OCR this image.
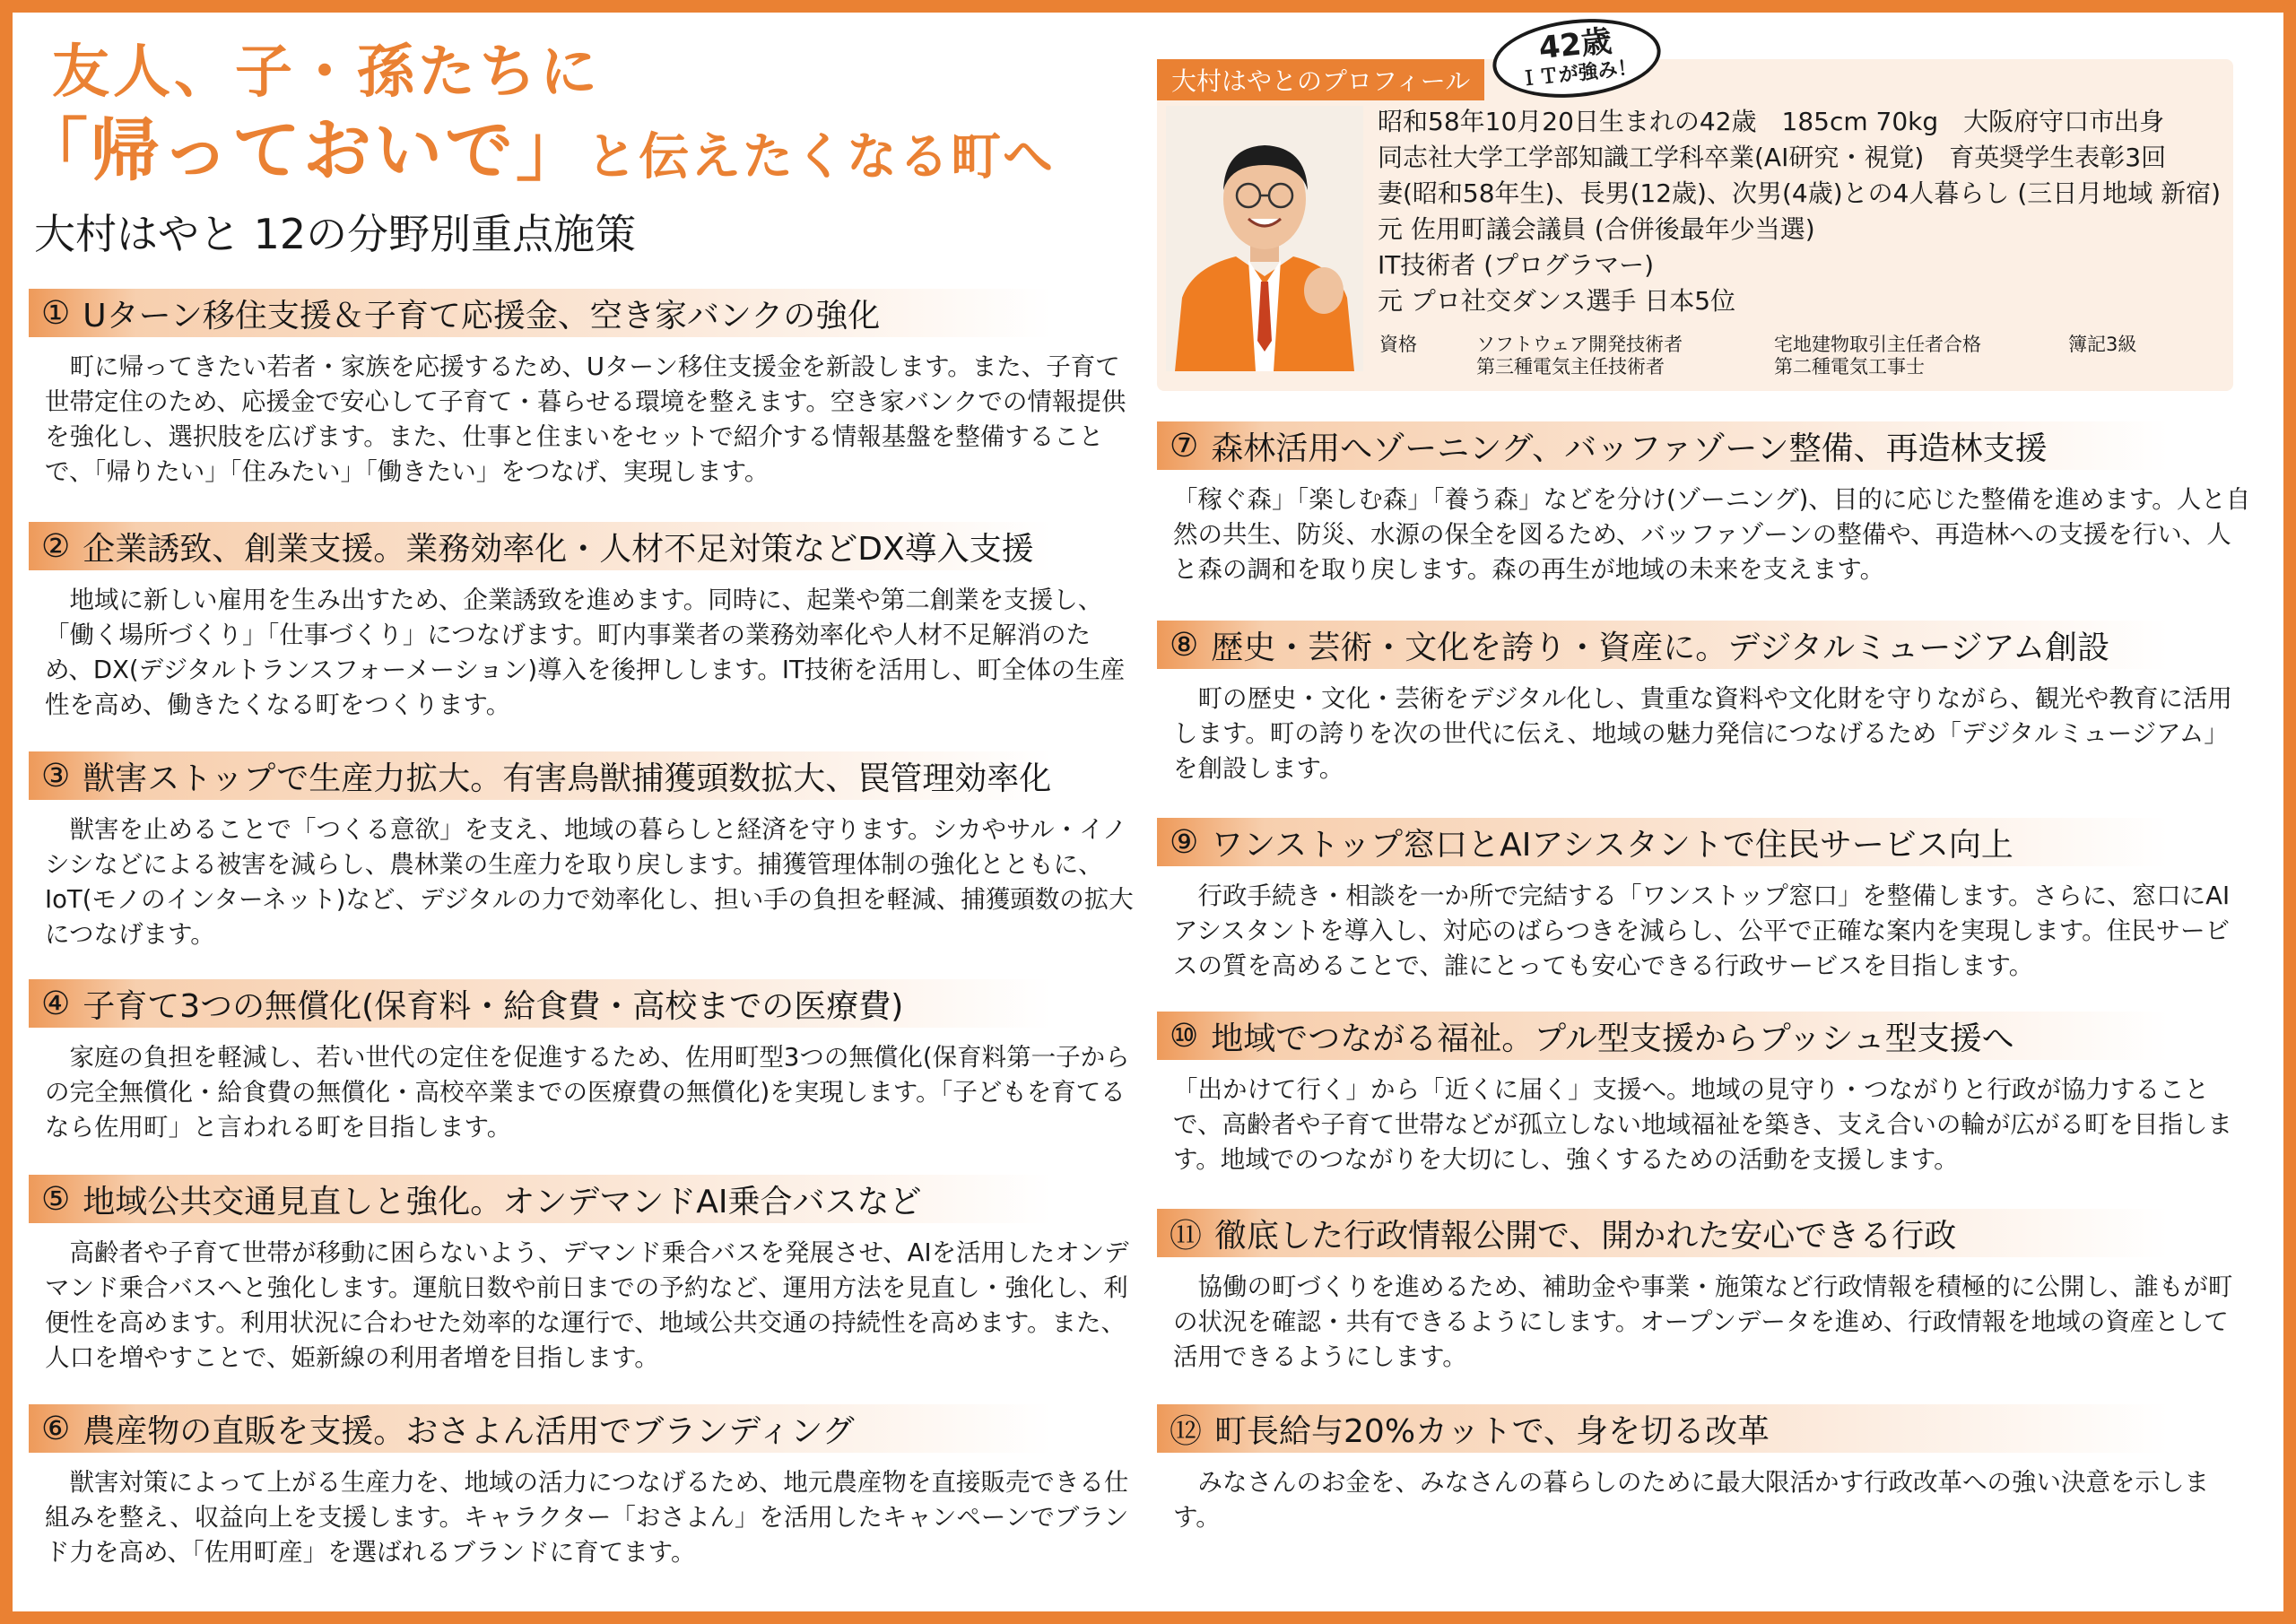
友人、子・孫たちに
「帰っておいで」と伝えたくなる町へ
大村はやと 12の分野別重点施策
① Uターン移住支援＆子育て応援金、空き家バンクの強化
町に帰ってきたい若者・家族を応援するため、Uターン移住支援金を新設します。また、子育て世帯定住のため、応援金で安心して子育て・暮らせる環境を整えます。空き家バンクでの情報提供を強化し、選択肢を広げます。また、仕事と住まいをセットで紹介する情報基盤を整備することで、「帰りたい」「住みたい」「働きたい」をつなげ、実現します。
② 企業誘致、創業支援。業務効率化・人材不足対策などDX導入支援
地域に新しい雇用を生み出すため、企業誘致を進めます。同時に、起業や第二創業を支援し、「働く場所づくり」「仕事づくり」につなげます。町内事業者の業務効率化や人材不足解消のため、DX(デジタルトランスフォーメーション)導入を後押しします。IT技術を活用し、町全体の生産性を高め、働きたくなる町をつくります。
③ 獣害ストップで生産力拡大。有害鳥獣捕獲頭数拡大、罠管理効率化
獣害を止めることで「つくる意欲」を支え、地域の暮らしと経済を守ります。シカやサル・イノシシなどによる被害を減らし、農林業の生産力を取り戻します。捕獲管理体制の強化とともに、IoT(モノのインターネット)など、デジタルの力で効率化し、担い手の負担を軽減、捕獲頭数の拡大につなげます。
④ 子育て3つの無償化(保育料・給食費・高校までの医療費)
家庭の負担を軽減し、若い世代の定住を促進するため、佐用町型3つの無償化(保育料第一子からの完全無償化・給食費の無償化・高校卒業までの医療費の無償化)を実現します。「子どもを育てるなら佐用町」と言われる町を目指します。
⑤ 地域公共交通見直しと強化。オンデマンドAI乗合バスなど
高齢者や子育て世帯が移動に困らないよう、デマンド乗合バスを発展させ、AIを活用したオンデマンド乗合バスへと強化します。運航日数や前日までの予約など、運用方法を見直し・強化し、利便性を高めます。利用状況に合わせた効率的な運行で、地域公共交通の持続性を高めます。また、人口を増やすことで、姫新線の利用者増を目指します。
⑥ 農産物の直販を支援。おさよん活用でブランディング
獣害対策によって上がる生産力を、地域の活力につなげるため、地元農産物を直接販売できる仕組みを整え、収益向上を支援します。キャラクター「おさよん」を活用したキャンペーンでブランド力を高め、「佐用町産」を選ばれるブランドに育てます。
大村はやとのプロフィール
42歳
ＩＴが強み！
昭和58年10月20日生まれの42歳　185cm 70kg　大阪府守口市出身
同志社大学工学部知識工学科卒業(AI研究・視覚)　育英奨学生表彰3回
妻(昭和58年生)、長男(12歳)、次男(4歳)との4人暮らし (三日月地域 新宿)
元 佐用町議会議員 (合併後最年少当選)
IT技術者 (プログラマー)
元 プロ社交ダンス選手 日本5位
資格	ソフトウェア開発技術者
第三種電気主任技術者
宅地建物取引主任者合格
第二種電気工事士
簿記3級
⑦ 森林活用へゾーニング、バッファゾーン整備、再造林支援
「稼ぐ森」「楽しむ森」「養う森」などを分け(ゾーニング)、目的に応じた整備を進めます。人と自然の共生、防災、水源の保全を図るため、バッファゾーンの整備や、再造林への支援を行い、人と森の調和を取り戻します。森の再生が地域の未来を支えます。
⑧ 歴史・芸術・文化を誇り・資産に。デジタルミュージアム創設
町の歴史・文化・芸術をデジタル化し、貴重な資料や文化財を守りながら、観光や教育に活用します。町の誇りを次の世代に伝え、地域の魅力発信につなげるため「デジタルミュージアム」を創設します。
⑨ ワンストップ窓口とAIアシスタントで住民サービス向上
行政手続き・相談を一か所で完結する「ワンストップ窓口」を整備します。さらに、窓口にAIアシスタントを導入し、対応のばらつきを減らし、公平で正確な案内を実現します。住民サービスの質を高めることで、誰にとっても安心できる行政サービスを目指します。
⑩ 地域でつながる福祉。プル型支援からプッシュ型支援へ
「出かけて行く」から「近くに届く」支援へ。地域の見守り・つながりと行政が協力することで、高齢者や子育て世帯などが孤立しない地域福祉を築き、支え合いの輪が広がる町を目指します。地域でのつながりを大切にし、強くするための活動を支援します。
⑪ 徹底した行政情報公開で、開かれた安心できる行政
協働の町づくりを進めるため、補助金や事業・施策など行政情報を積極的に公開し、誰もが町の状況を確認・共有できるようにします。オープンデータを進め、行政情報を地域の資産として活用できるようにします。
⑫ 町長給与20%カットで、身を切る改革
みなさんのお金を、みなさんの暮らしのために最大限活かす行政改革への強い決意を示します。
